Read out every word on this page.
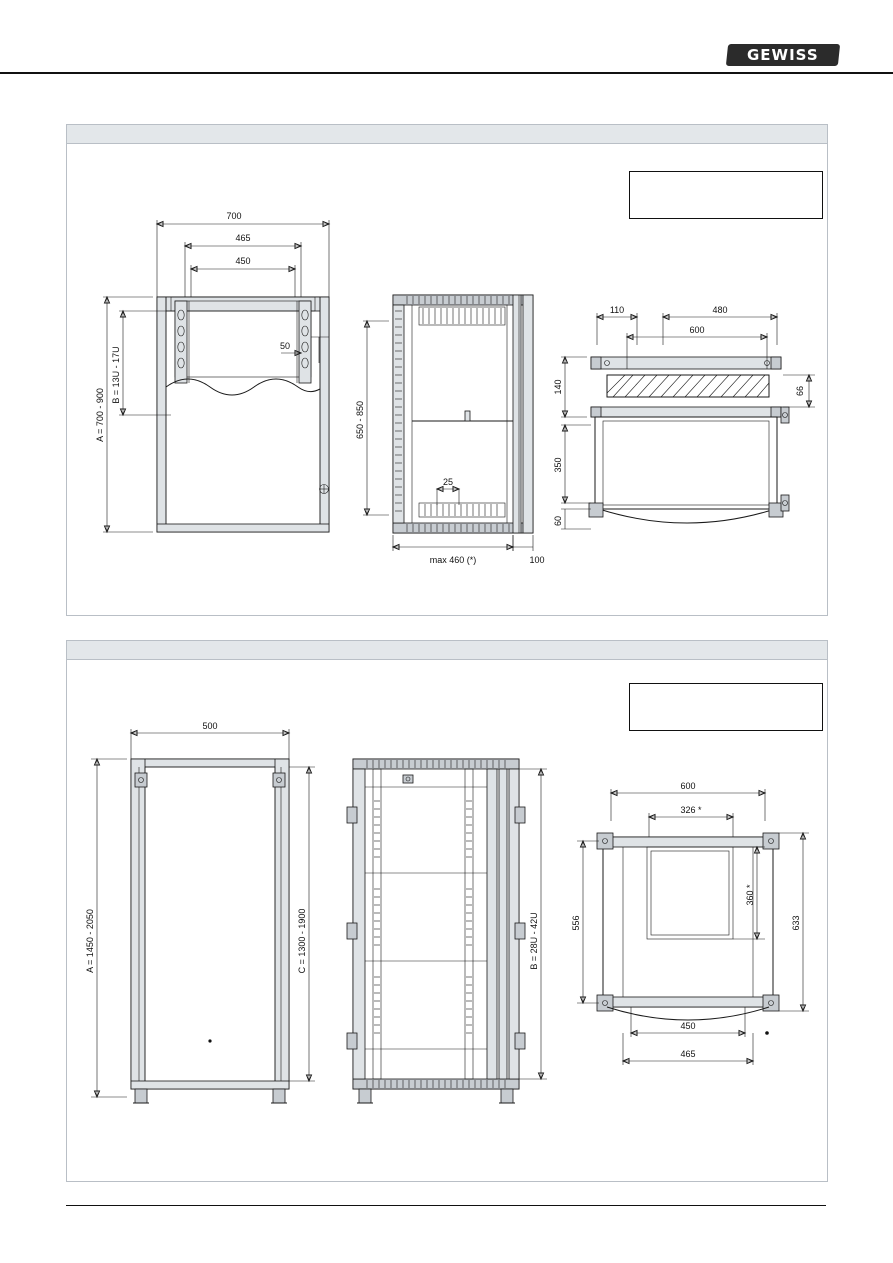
GEWISS
700
465
450
A = 700 - 900
B = 13U - 17U
50
650 - 850
25
max 460 (*)	100
110	480
600
140
350
60
66
500
A = 1450 - 2050	C = 1300 - 1900	B = 28U - 42U
600
326 *
556
360 *
633
450
465
